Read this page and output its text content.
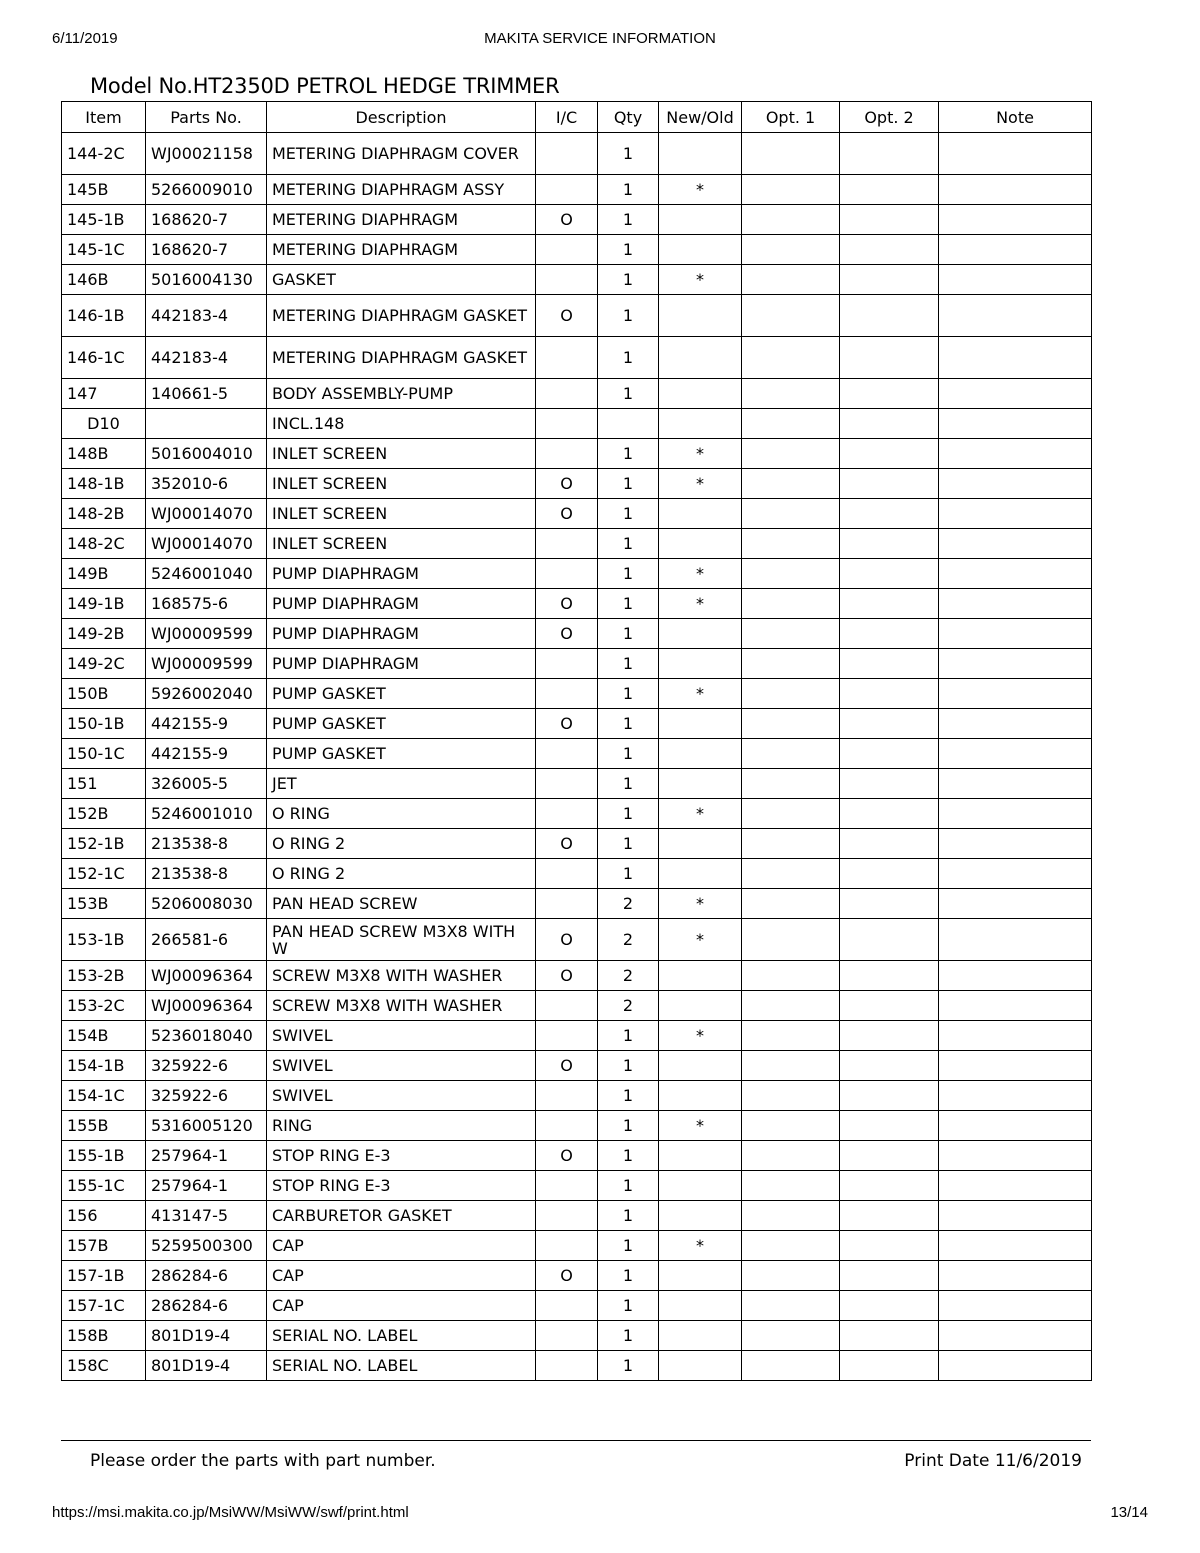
6/11/2019	MAKITA SERVICE INFORMATION
Model No.HT2350D PETROL HEDGE TRIMMER
Item	Parts No.	Description	I/C	Qty	New/Old	Opt. 1	Opt. 2	Note
144-2C	WJ00021158	METERING DIAPHRAGM COVER		1				
145B	5266009010	METERING DIAPHRAGM ASSY		1	*			
145-1B	168620-7	METERING DIAPHRAGM	O	1				
145-1C	168620-7	METERING DIAPHRAGM		1				
146B	5016004130	GASKET		1	*			
146-1B	442183-4	METERING DIAPHRAGM GASKET	O	1				
146-1C	442183-4	METERING DIAPHRAGM GASKET		1				
147	140661-5	BODY ASSEMBLY-PUMP		1				
D10		INCL.148						
148B	5016004010	INLET SCREEN		1	*			
148-1B	352010-6	INLET SCREEN	O	1	*			
148-2B	WJ00014070	INLET SCREEN	O	1				
148-2C	WJ00014070	INLET SCREEN		1				
149B	5246001040	PUMP DIAPHRAGM		1	*			
149-1B	168575-6	PUMP DIAPHRAGM	O	1	*			
149-2B	WJ00009599	PUMP DIAPHRAGM	O	1				
149-2C	WJ00009599	PUMP DIAPHRAGM		1				
150B	5926002040	PUMP GASKET		1	*			
150-1B	442155-9	PUMP GASKET	O	1				
150-1C	442155-9	PUMP GASKET		1				
151	326005-5	JET		1				
152B	5246001010	O RING		1	*			
152-1B	213538-8	O RING 2	O	1				
152-1C	213538-8	O RING 2		1				
153B	5206008030	PAN HEAD SCREW		2	*			
153-1B	266581-6	PAN HEAD SCREW M3X8 WITH W	O	2	*			
153-2B	WJ00096364	SCREW M3X8 WITH WASHER	O	2				
153-2C	WJ00096364	SCREW M3X8 WITH WASHER		2				
154B	5236018040	SWIVEL		1	*			
154-1B	325922-6	SWIVEL	O	1				
154-1C	325922-6	SWIVEL		1				
155B	5316005120	RING		1	*			
155-1B	257964-1	STOP RING E-3	O	1				
155-1C	257964-1	STOP RING E-3		1				
156	413147-5	CARBURETOR GASKET		1				
157B	5259500300	CAP		1	*			
157-1B	286284-6	CAP	O	1				
157-1C	286284-6	CAP		1				
158B	801D19-4	SERIAL NO. LABEL		1				
158C	801D19-4	SERIAL NO. LABEL		1				
Please order the parts with part number.	Print Date 11/6/2019
https://msi.makita.co.jp/MsiWW/MsiWW/swf/print.html	13/14
